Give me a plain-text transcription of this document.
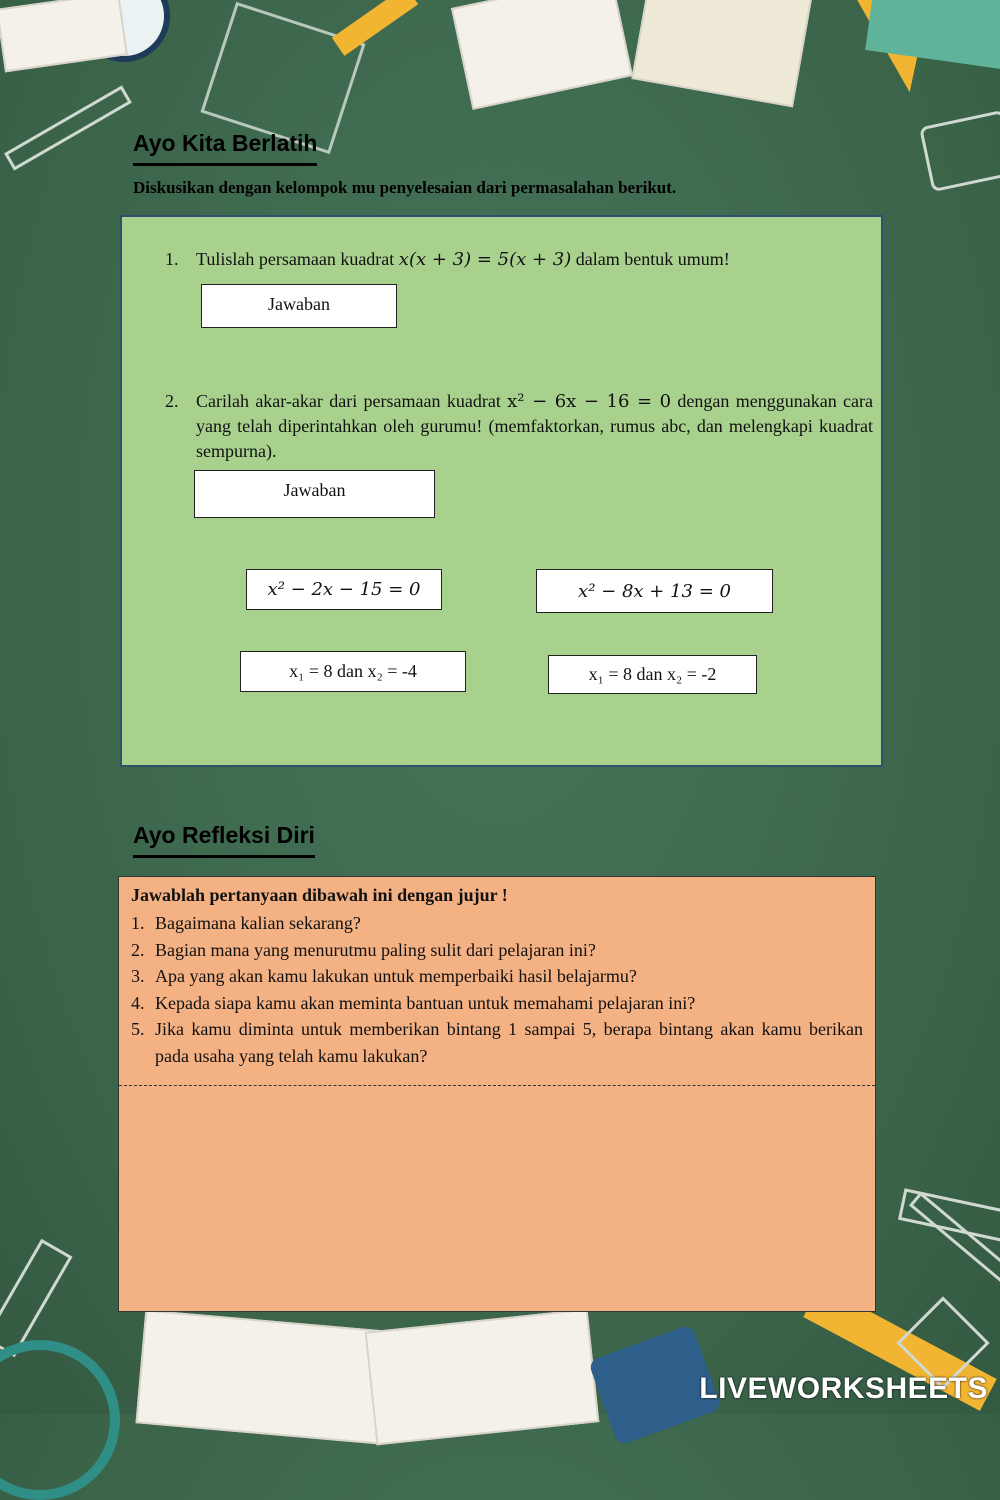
Ayo Kita Berlatih
Diskusikan dengan kelompok mu penyelesaian dari permasalahan berikut.
1. Tulislah persamaan kuadrat x(x + 3) = 5(x + 3) dalam bentuk umum!
Jawaban
2. Carilah akar-akar dari persamaan kuadrat x² − 6x − 16 = 0 dengan menggunakan cara yang telah diperintahkan oleh gurumu! (memfaktorkan, rumus abc, dan melengkapi kuadrat sempurna).
Jawaban
x² − 2x − 15 = 0	x² − 8x + 13 = 0
x₁ = 8 dan x₂ = -4	x₁ = 8 dan x₂ = -2
Ayo Refleksi Diri
Jawablah pertanyaan dibawah ini dengan jujur !
1. Bagaimana kalian sekarang?
2. Bagian mana yang menurutmu paling sulit dari pelajaran ini?
3. Apa yang akan kamu lakukan untuk memperbaiki hasil belajarmu?
4. Kepada siapa kamu akan meminta bantuan untuk memahami pelajaran ini?
5. Jika kamu diminta untuk memberikan bintang 1 sampai 5, berapa bintang akan kamu berikan pada usaha yang telah kamu lakukan?
LIVEWORKSHEETS
